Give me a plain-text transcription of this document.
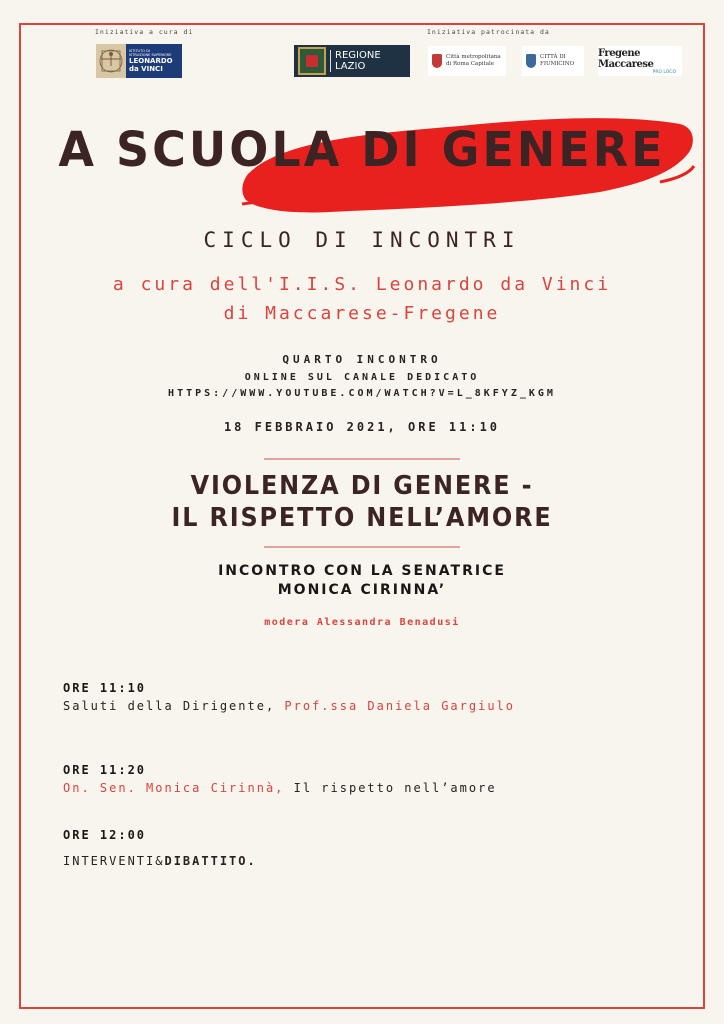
Iniziativa a cura di	Iniziativa patrocinata da
ISTITUTO DI
ISTRUZIONE SUPERIORE
LEONARDO
da VINCI
REGIONE
LAZIO
Città metropolitana
di Roma Capitale
CITTÀ DI
FIUMICINO
Fregene Maccarese
PRO LOCO
A SCUOLA DI GENERE
CICLO DI INCONTRI
a cura dell'I.I.S. Leonardo da Vinci
di Maccarese-Fregene
QUARTO INCONTRO
ONLINE SUL CANALE DEDICATO
HTTPS://WWW.YOUTUBE.COM/WATCH?V=L_8KFYZ_KGM
18 FEBBRAIO 2021, ORE 11:10
VIOLENZA DI GENERE -
IL RISPETTO NELL’AMORE
INCONTRO CON LA SENATRICE
MONICA CIRINNA’
modera Alessandra Benadusi
ORE 11:10
Saluti della Dirigente, Prof.ssa Daniela Gargiulo
ORE 11:20
On. Sen. Monica Cirinnà, Il rispetto nell’amore
ORE 12:00
INTERVENTI&DIBATTITO.
